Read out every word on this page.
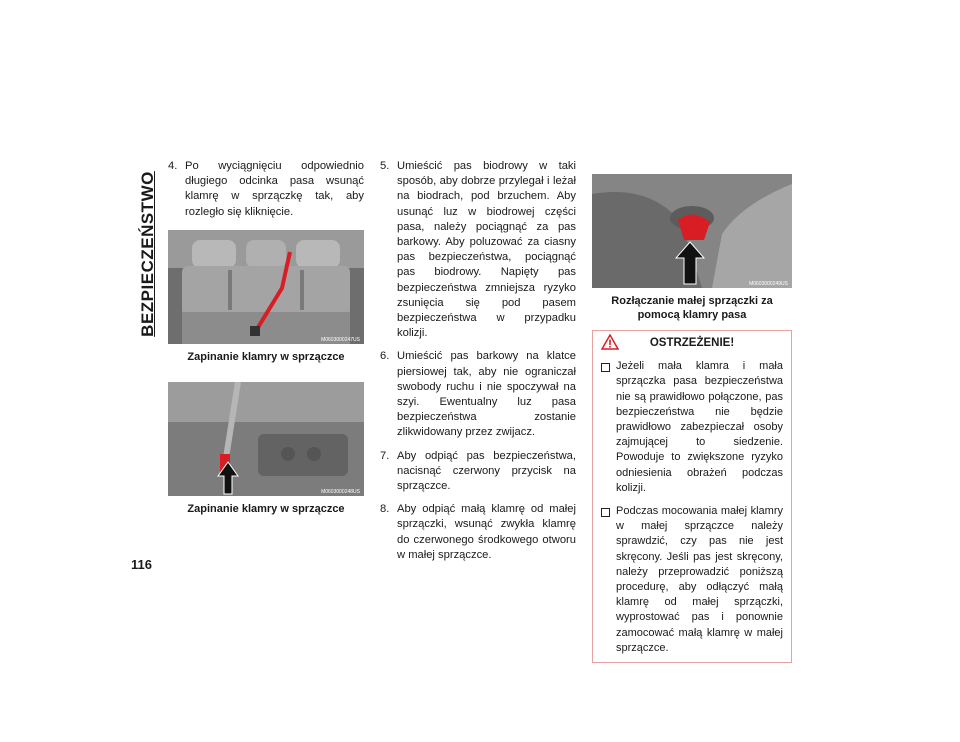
BEZPIECZEŃSTWO
4. Po wyciągnięciu odpowiednio długiego odcinka pasa wsunąć klamrę w sprzączkę tak, aby rozległo się kliknięcie.
M0603000247US
Zapinanie klamry w sprzączce
M0603000248US
Zapinanie klamry w sprzączce
5. Umieścić pas biodrowy w taki sposób, aby dobrze przylegał i leżał na biodrach, pod brzuchem. Aby usunąć luz w biodrowej części pasa, należy pociągnąć za pas barkowy. Aby poluzować za ciasny pas bezpieczeństwa, pociągnąć pas biodrowy. Napięty pas bezpieczeństwa zmniejsza ryzyko zsunięcia się pod pasem bezpieczeństwa w przypadku kolizji.
6. Umieścić pas barkowy na klatce piersiowej tak, aby nie ograniczał swobody ruchu i nie spoczywał na szyi. Ewentualny luz pasa bezpieczeństwa zostanie zlikwidowany przez zwijacz.
7. Aby odpiąć pas bezpieczeństwa, nacisnąć czerwony przycisk na sprzączce.
8. Aby odpiąć małą klamrę od małej sprzączki, wsunąć zwykła klamrę do czerwonego środkowego otworu w małej sprzączce.
M0603000249US
Rozłączanie małej sprzączki za pomocą klamry pasa
OSTRZEŻENIE!
Jeżeli mała klamra i mała sprzączka pasa bezpieczeństwa nie są prawidłowo połączone, pas bezpieczeństwa nie będzie prawidłowo zabezpieczał osoby zajmującej to siedzenie. Powoduje to zwiększone ryzyko odniesienia obrażeń podczas kolizji.
Podczas mocowania małej klamry w małej sprzączce należy sprawdzić, czy pas nie jest skręcony. Jeśli pas jest skręcony, należy przeprowadzić poniższą procedurę, aby odłączyć małą klamrę od małej sprzączki, wyprostować pas i ponownie zamocować małą klamrę w małej sprzączce.
116
